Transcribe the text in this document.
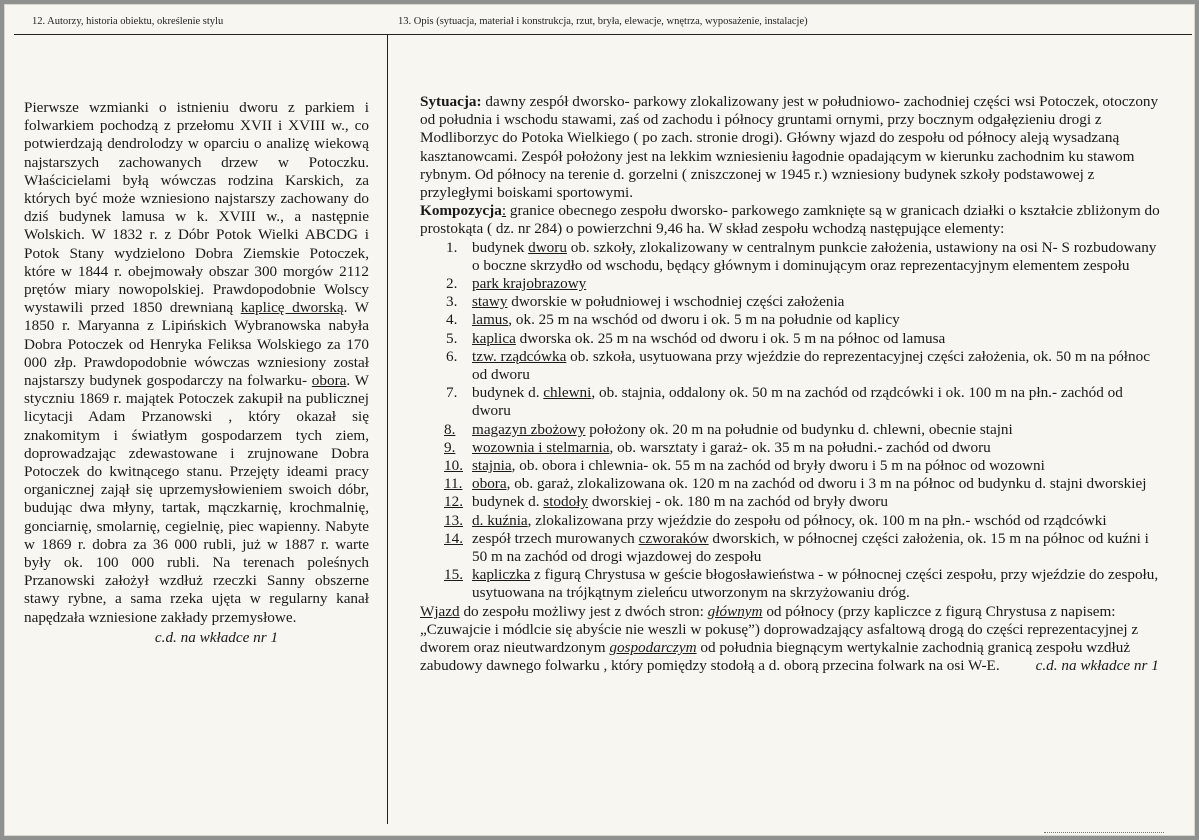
12. Autorzy, historia obiektu, określenie stylu	13. Opis (sytuacja, materiał i konstrukcja, rzut, bryła, elewacje, wnętrza, wyposażenie, instalacje)
Pierwsze wzmianki o istnieniu dworu z parkiem i folwarkiem pochodzą z przełomu XVII i XVIII w., co potwierdzają dendrolodzy w oparciu o analizę wiekową najstarszych zachowanych drzew w Potoczku. Właścicielami byłą wówczas rodzina Karskich, za których być może wzniesiono najstarszy zachowany do dziś budynek lamusa w k. XVIII w., a następnie Wolskich. W 1832 r. z Dóbr Potok Wielki ABCDG i Potok Stany wydzielono Dobra Ziemskie Potoczek, które w 1844 r. obejmowały obszar 300 morgów 2112 prętów miary nowopolskiej. Prawdopodobnie Wolscy wystawili przed 1850 drewnianą kaplicę dworską. W 1850 r. Maryanna z Lipińskich Wybranowska nabyła Dobra Potoczek od Henryka Feliksa Wolskiego za 170 000 złp. Prawdopodobnie wówczas wzniesiony został najstarszy budynek gospodarczy na folwarku- obora. W styczniu 1869 r. majątek Potoczek zakupił na publicznej licytacji Adam Przanowski , który okazał się znakomitym i światłym gospodarzem tych ziem, doprowadzając zdewastowane i zrujnowane Dobra Potoczek do kwitnącego stanu. Przejęty ideami pracy organicznej zajął się uprzemysłowieniem swoich dóbr, budując dwa młyny, tartak, mączkarnię, krochmalnię, gonciarnię, smolarnię, cegielnię, piec wapienny. Nabyte w 1869 r. dobra za 36 000 rubli, już w 1887 r. warte były ok. 100 000 rubli. Na terenach poleśnych Przanowski założył wzdłuż rzeczki Sanny obszerne stawy rybne, a sama rzeka ujęta w regularny kanał napędzała wzniesione zakłady przemysłowe.
c.d. na wkładce nr 1

Sytuacja: dawny zespół dworsko- parkowy zlokalizowany jest w południowo- zachodniej części wsi Potoczek, otoczony od południa i wschodu stawami, zaś od zachodu i północy gruntami ornymi, przy bocznym odgałęzieniu drogi z Modliborzyc do Potoka Wielkiego ( po zach. stronie drogi). Główny wjazd do zespołu od północy aleją wysadzaną kasztanowcami. Zespół położony jest na lekkim wzniesieniu łagodnie opadającym w kierunku zachodnim ku stawom rybnym. Od północy na terenie d. gorzelni ( zniszczonej w 1945 r.) wzniesiony budynek szkoły podstawowej z przyległymi boiskami sportowymi.

Kompozycja: granice obecnego zespołu dworsko- parkowego zamknięte są w granicach działki o kształcie zbliżonym do prostokąta ( dz. nr 284) o powierzchni 9,46 ha. W skład zespołu wchodzą następujące elementy:

1. budynek dworu ob. szkoły, zlokalizowany w centralnym punkcie założenia, ustawiony na osi N- S rozbudowany o boczne skrzydło od wschodu, będący głównym i dominującym oraz reprezentacyjnym elementem zespołu
2. park krajobrazowy
3. stawy dworskie w południowej i wschodniej części założenia
4. lamus, ok. 25 m na wschód od dworu i ok. 5 m na południe od kaplicy
5. kaplica dworska ok. 25 m na wschód od dworu i ok. 5 m na północ od lamusa
6. tzw. rządcówka ob. szkoła, usytuowana przy wjeździe do reprezentacyjnej części założenia, ok. 50 m na północ od dworu
7. budynek d. chlewni, ob. stajnia, oddalony ok. 50 m na zachód od rządcówki i ok. 100 m na płn.- zachód od dworu
8. magazyn zbożowy położony ok. 20 m na południe od budynku d. chlewni, obecnie stajni
9. wozownia i stelmarnia, ob. warsztaty i garaż- ok. 35 m na południ.- zachód od dworu
10. stajnia, ob. obora i chlewnia- ok. 55 m na zachód od bryły dworu i 5 m na północ od wozowni
11. obora, ob. garaż, zlokalizowana ok. 120 m na zachód od dworu i 3 m na północ od budynku d. stajni dworskiej
12. budynek d. stodoły dworskiej - ok. 180 m na zachód od bryły dworu
13. d. kuźnia, zlokalizowana przy wjeździe do zespołu od północy, ok. 100 m na płn.- wschód od rządcówki
14. zespół trzech murowanych czworaków dworskich, w północnej części założenia, ok. 15 m na północ od kuźni i 50 m na zachód od drogi wjazdowej do zespołu
15. kapliczka z figurą Chrystusa w geście błogosławieństwa - w północnej części zespołu, przy wjeździe do zespołu, usytuowana na trójkątnym zieleńcu utworzonym na skrzyżowaniu dróg.

Wjazd do zespołu możliwy jest z dwóch stron: głównym od północy (przy kapliczce z figurą Chrystusa z napisem: „Czuwajcie i módlcie się abyście nie weszli w pokusę”) doprowadzający asfaltową drogą do części reprezentacyjnej z dworem oraz nieutwardzonym gospodarczym od południa biegnącym wertykalnie zachodnią granicą zespołu wzdłuż zabudowy dawnego folwarku , który pomiędzy stodołą a d. oborą przecina folwark na osi W-E. c.d. na wkładce nr 1
